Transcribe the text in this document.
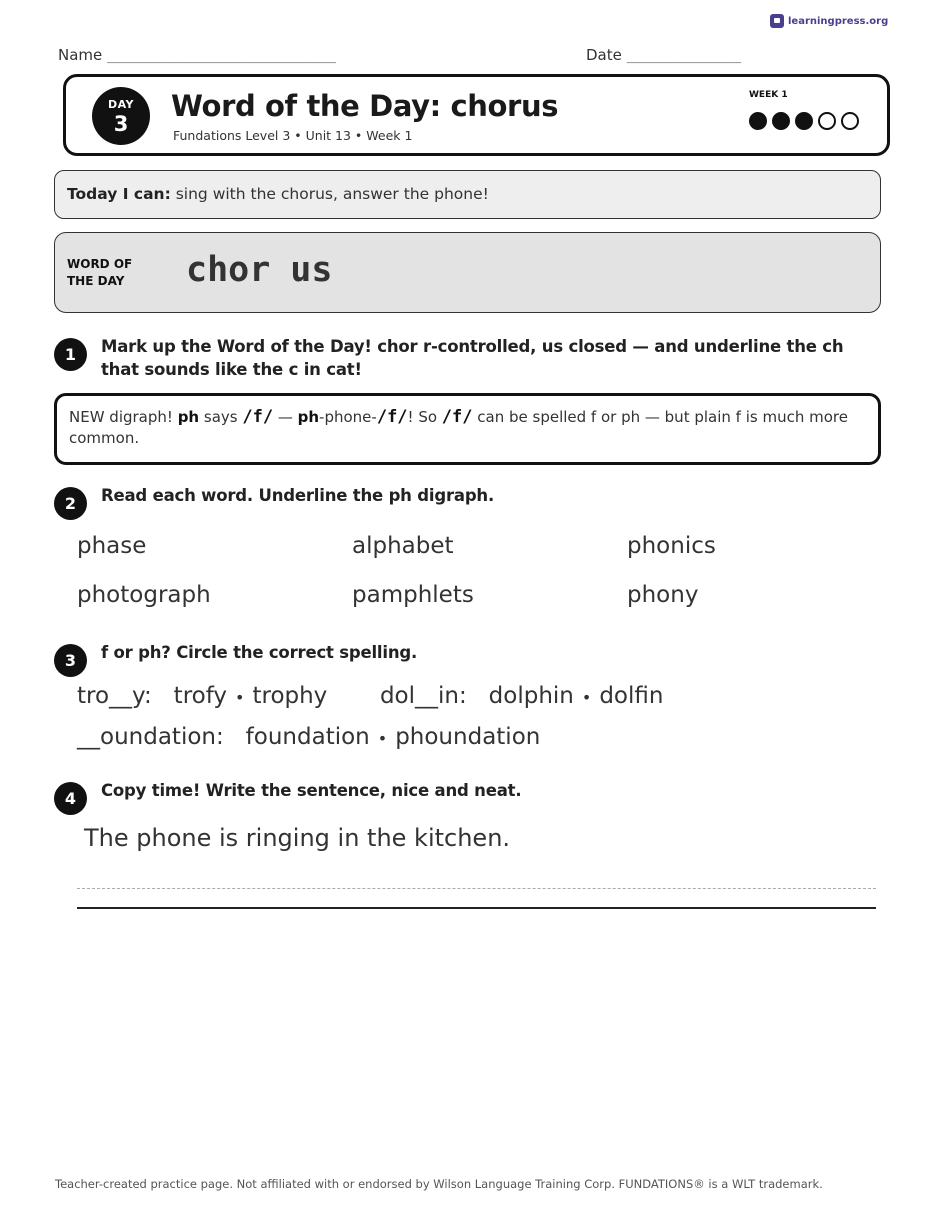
learningpress.org
Name ______________________________	Date _______________
DAY
3
Word of the Day: chorus
Fundations Level 3 • Unit 13 • Week 1
WEEK 1
Today I can: sing with the chorus, answer the phone!
WORD OF THE DAY	chor us
1	Mark up the Word of the Day! chor r-controlled, us closed — and underline the ch that sounds like the c in cat!
NEW digraph! ph says /f/ — ph-phone-/f/! So /f/ can be spelled f or ph — but plain f is much more common.
2	Read each word. Underline the ph digraph.
phase	alphabet	phonics
photograph	pamphlets	phony
3	f or ph? Circle the correct spelling.
tro__y: trofy • trophy dol__in: dolphin • dolfin
__oundation: foundation • phoundation
4	Copy time! Write the sentence, nice and neat.
The phone is ringing in the kitchen.
Teacher-created practice page. Not affiliated with or endorsed by Wilson Language Training Corp. FUNDATIONS® is a WLT trademark.
